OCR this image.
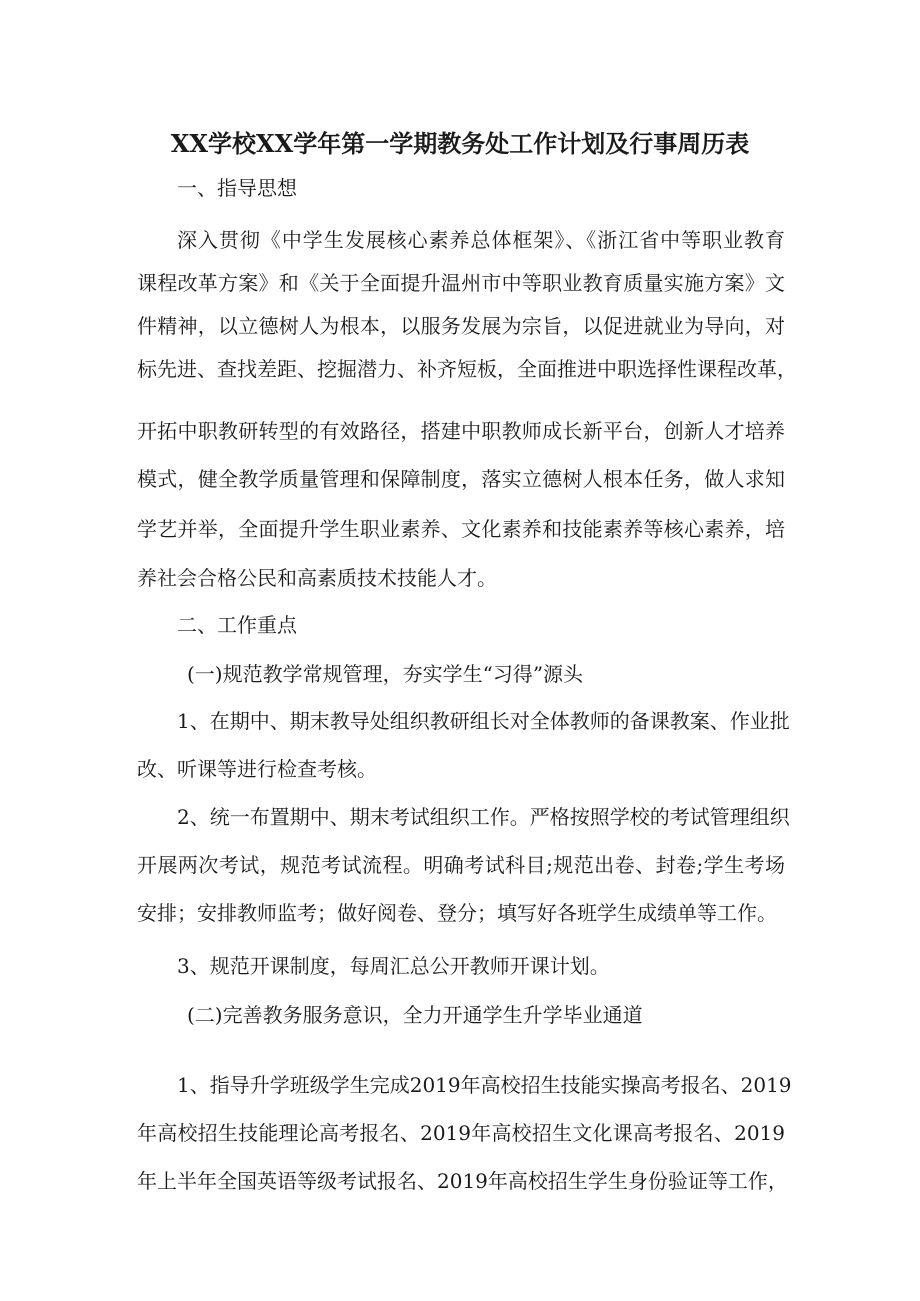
XX学校XX学年第一学期教务处工作计划及行事周历表
一、指导思想
深入贯彻《中学生发展核心素养总体框架》、《浙江省中等职业教育
课程改革方案》和《关于全面提升温州市中等职业教育质量实施方案》文
件精神，以立德树人为根本，以服务发展为宗旨，以促进就业为导向，对
标先进、查找差距、挖掘潜力、补齐短板，全面推进中职选择性课程改革，
开拓中职教研转型的有效路径，搭建中职教师成长新平台，创新人才培养
模式，健全教学质量管理和保障制度，落实立德树人根本任务，做人求知
学艺并举，全面提升学生职业素养、文化素养和技能素养等核心素养，培
养社会合格公民和高素质技术技能人才。
二、工作重点
(一)规范教学常规管理，夯实学生“习得”源头
1、在期中、期末教导处组织教研组长对全体教师的备课教案、作业批
改、听课等进行检查考核。
2、统一布置期中、期末考试组织工作。严格按照学校的考试管理组织
开展两次考试，规范考试流程。明确考试科目;规范出卷、封卷;学生考场
安排；安排教师监考；做好阅卷、登分；填写好各班学生成绩单等工作。
3、规范开课制度，每周汇总公开教师开课计划。
(二)完善教务服务意识，全力开通学生升学毕业通道
1、指导升学班级学生完成2019年高校招生技能实操高考报名、2019
年高校招生技能理论高考报名、2019年高校招生文化课高考报名、2019
年上半年全国英语等级考试报名、2019年高校招生学生身份验证等工作，
